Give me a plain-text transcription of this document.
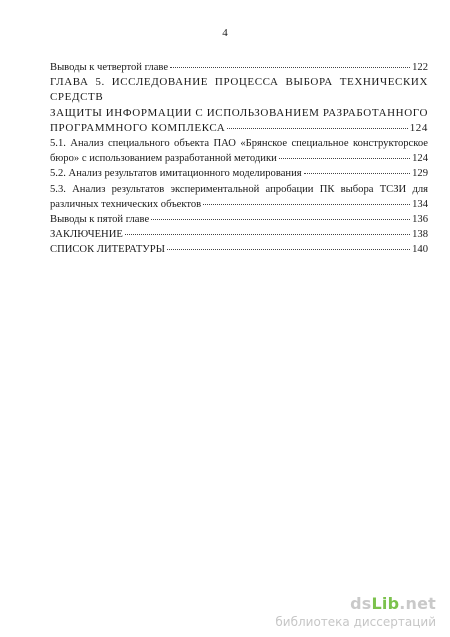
4
Выводы к четвертой главе	122
ГЛАВА 5. ИССЛЕДОВАНИЕ ПРОЦЕССА ВЫБОРА ТЕХНИЧЕСКИХ СРЕДСТВ
ЗАЩИТЫ ИНФОРМАЦИИ С ИСПОЛЬЗОВАНИЕМ РАЗРАБОТАННОГО
ПРОГРАММНОГО КОМПЛЕКСА	124
5.1. Анализ специального объекта ПАО «Брянское специальное конструкторское
бюро» с использованием разработанной методики	124
5.2. Анализ результатов имитационного моделирования	129
5.3. Анализ результатов экспериментальной апробации ПК выбора ТСЗИ для
различных технических объектов	134
Выводы к пятой главе	136
ЗАКЛЮЧЕНИЕ	138
СПИСОК ЛИТЕРАТУРЫ	140
dsLib.net
библиотека диссертаций
